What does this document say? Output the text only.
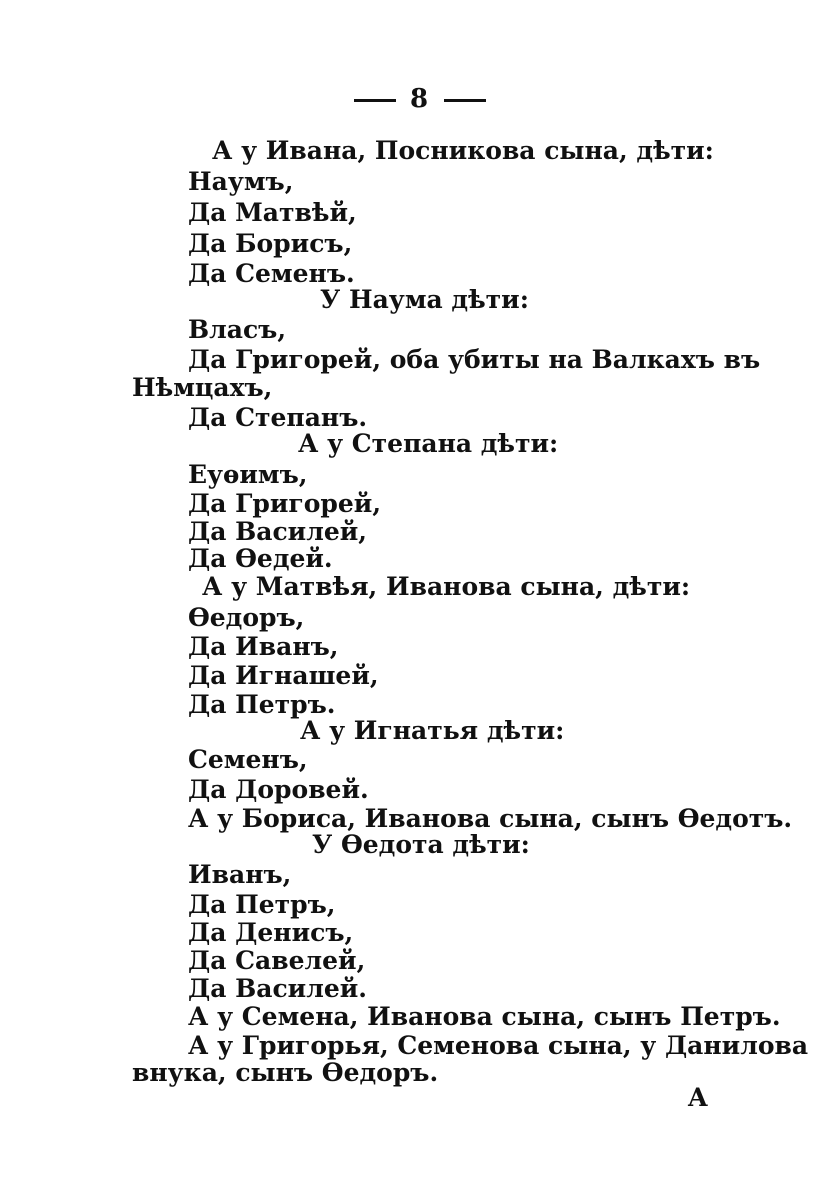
8
А у Ивана, Посникова сына, дѣти:
Наумъ,
Да Матвѣй,
Да Борисъ,
Да Семенъ.
У Наума дѣти:
Власъ,
Да Григорей, оба убиты на Валкахъ въ
Нѣмцахъ,
Да Степанъ.
А у Степана дѣти:
Еуѳимъ,
Да Григорей,
Да Василей,
Да Ѳедей.
А у Матвѣя, Иванова сына, дѣти:
Ѳедоръ,
Да Иванъ,
Да Игнашей,
Да Петръ.
А у Игнатья дѣти:
Семенъ,
Да Доровей.
А у Бориса, Иванова сына, сынъ Ѳедотъ.
У Ѳедота дѣти:
Иванъ,
Да Петръ,
Да Денисъ,
Да Савелей,
Да Василей.
А у Семена, Иванова сына, сынъ Петръ.
А у Григорья, Семенова сына, у Данилова
внука, сынъ Ѳедоръ.
А
